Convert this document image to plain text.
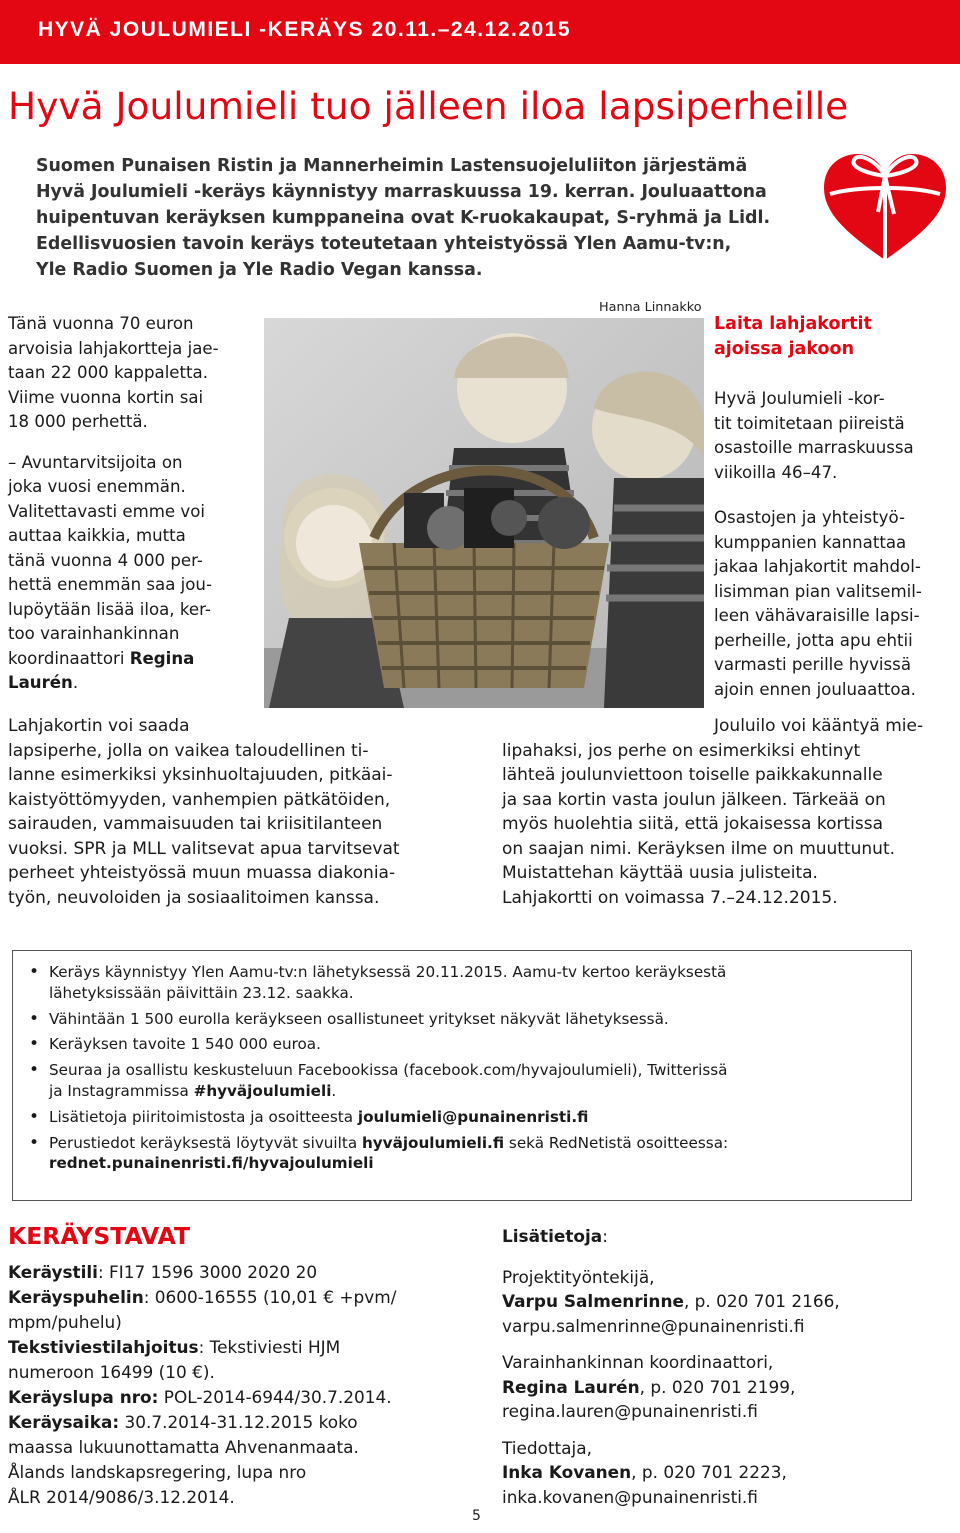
HYVÄ JOULUMIELI -KERÄYS 20.11.–24.12.2015
Hyvä Joulumieli tuo jälleen iloa lapsiperheille
Suomen Punaisen Ristin ja Mannerheimin Lastensuojeluliiton järjestämä
Hyvä Joulumieli -keräys käynnistyy marraskuussa 19. kerran. Jouluaattona
huipentuvan keräyksen kumppaneina ovat K-ruokakaupat, S-ryhmä ja Lidl.
Edellisvuosien tavoin keräys toteutetaan yhteistyössä Ylen Aamu-tv:n,
Yle Radio Suomen ja Yle Radio Vegan kanssa.
Tänä vuonna 70 euron
arvoisia lahjakortteja jae-
taan 22 000 kappaletta.
Viime vuonna kortin sai
18 000 perhettä.
– Avuntarvitsijoita on
joka vuosi enemmän.
Valitettavasti emme voi
auttaa kaikkia, mutta
tänä vuonna 4 000 per-
hettä enemmän saa jou-
lupöytään lisää iloa, ker-
too varainhankinnan
koordinaattori Regina
Laurén.
Hanna Linnakko
Laita lahjakortit
ajoissa jakoon
Hyvä Joulumieli -kor-
tit toimitetaan piireistä
osastoille marraskuussa
viikoilla 46–47.
Osastojen ja yhteistyö-
kumppanien kannattaa
jakaa lahjakortit mahdol-
lisimman pian valitsemil-
leen vähävaraisille lapsi-
perheille, jotta apu ehtii
varmasti perille hyvissä
ajoin ennen jouluaattoa.
Lahjakortin voi saada
lapsiperhe, jolla on vaikea taloudellinen ti-
lanne esimerkiksi yksinhuoltajuuden, pitkäai-
kaistyöttömyyden, vanhempien pätkätöiden,
sairauden, vammaisuuden tai kriisitilanteen
vuoksi. SPR ja MLL valitsevat apua tarvitsevat
perheet yhteistyössä muun muassa diakonia-
työn, neuvoloiden ja sosiaalitoimen kanssa.
Jouluilo voi kääntyä mie-
lipahaksi, jos perhe on esimerkiksi ehtinyt
lähteä joulunviettoon toiselle paikkakunnalle
ja saa kortin vasta joulun jälkeen. Tärkeää on
myös huolehtia siitä, että jokaisessa kortissa
on saajan nimi. Keräyksen ilme on muuttunut.
Muistattehan käyttää uusia julisteita.
Lahjakortti on voimassa 7.–24.12.2015.
• Keräys käynnistyy Ylen Aamu-tv:n lähetyksessä 20.11.2015. Aamu-tv kertoo keräyksestä
lähetyksissään päivittäin 23.12. saakka.
• Vähintään 1 500 eurolla keräykseen osallistuneet yritykset näkyvät lähetyksessä.
• Keräyksen tavoite 1 540 000 euroa.
• Seuraa ja osallistu keskusteluun Facebookissa (facebook.com/hyvajoulumieli), Twitterissä
ja Instagrammissa #hyväjoulumieli.
• Lisätietoja piiritoimistosta ja osoitteesta joulumieli@punainenristi.fi
• Perustiedot keräyksestä löytyvät sivuilta hyväjoulumieli.fi sekä RedNetistä osoitteessa:
rednet.punainenristi.fi/hyvajoulumieli
KERÄYSTAVAT
Keräystili: FI17 1596 3000 2020 20
Keräyspuhelin: 0600-16555 (10,01 € +pvm/
mpm/puhelu)
Tekstiviestilahjoitus: Tekstiviesti HJM
numeroon 16499 (10 €).
Keräyslupa nro: POL-2014-6944/30.7.2014.
Keräysaika: 30.7.2014-31.12.2015 koko
maassa lukuunottamatta Ahvenanmaata.
Ålands landskapsregering, lupa nro
ÅLR 2014/9086/3.12.2014.
Lisätietoja:
Projektityöntekijä,
Varpu Salmenrinne, p. 020 701 2166,
varpu.salmenrinne@punainenristi.fi
Varainhankinnan koordinaattori,
Regina Laurén, p. 020 701 2199,
regina.lauren@punainenristi.fi
Tiedottaja,
Inka Kovanen, p. 020 701 2223,
inka.kovanen@punainenristi.fi
5
